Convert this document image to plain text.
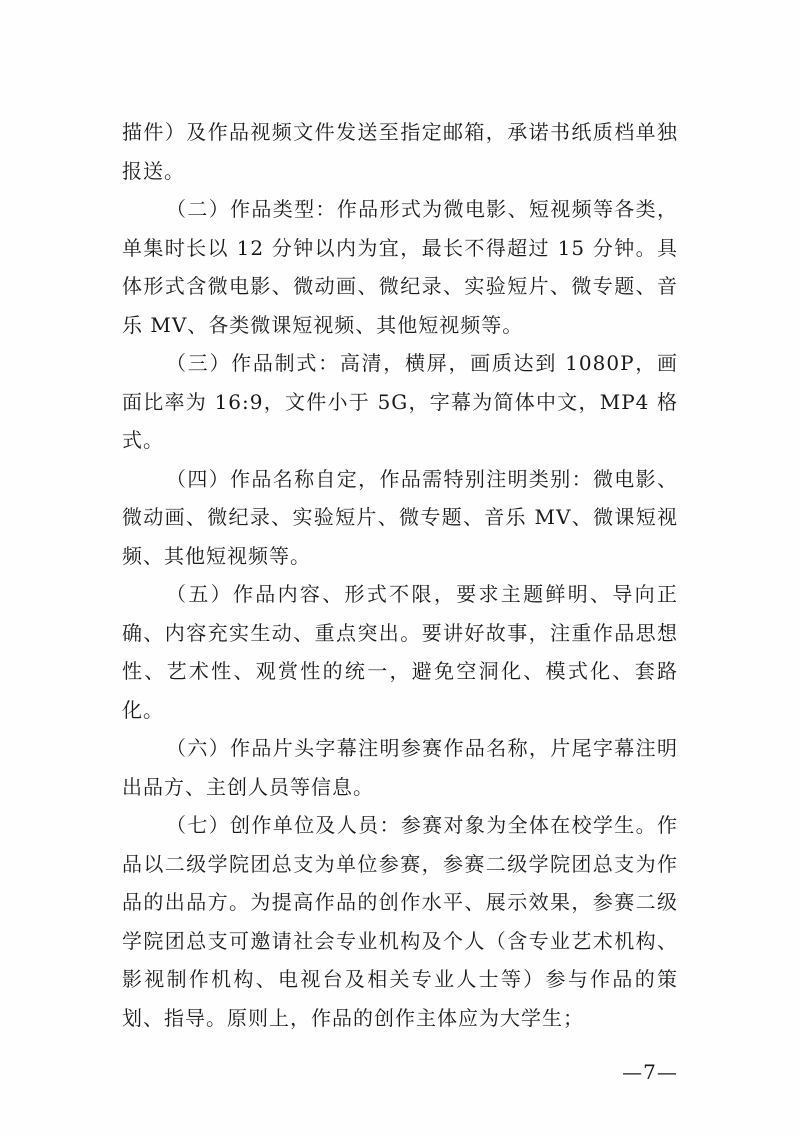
描件）及作品视频文件发送至指定邮箱，承诺书纸质档单独报送。

（二）作品类型：作品形式为微电影、短视频等各类，单集时长以 12 分钟以内为宜，最长不得超过 15 分钟。具体形式含微电影、微动画、微纪录、实验短片、微专题、音乐 MV、各类微课短视频、其他短视频等。

（三）作品制式：高清，横屏，画质达到 1080P，画面比率为 16:9，文件小于 5G，字幕为简体中文，MP4 格式。

（四）作品名称自定，作品需特别注明类别：微电影、微动画、微纪录、实验短片、微专题、音乐 MV、微课短视频、其他短视频等。

（五）作品内容、形式不限，要求主题鲜明、导向正确、内容充实生动、重点突出。要讲好故事，注重作品思想性、艺术性、观赏性的统一，避免空洞化、模式化、套路化。

（六）作品片头字幕注明参赛作品名称，片尾字幕注明出品方、主创人员等信息。

（七）创作单位及人员：参赛对象为全体在校学生。作品以二级学院团总支为单位参赛，参赛二级学院团总支为作品的出品方。为提高作品的创作水平、展示效果，参赛二级学院团总支可邀请社会专业机构及个人（含专业艺术机构、影视制作机构、电视台及相关专业人士等）参与作品的策划、指导。原则上，作品的创作主体应为大学生；

—7—
